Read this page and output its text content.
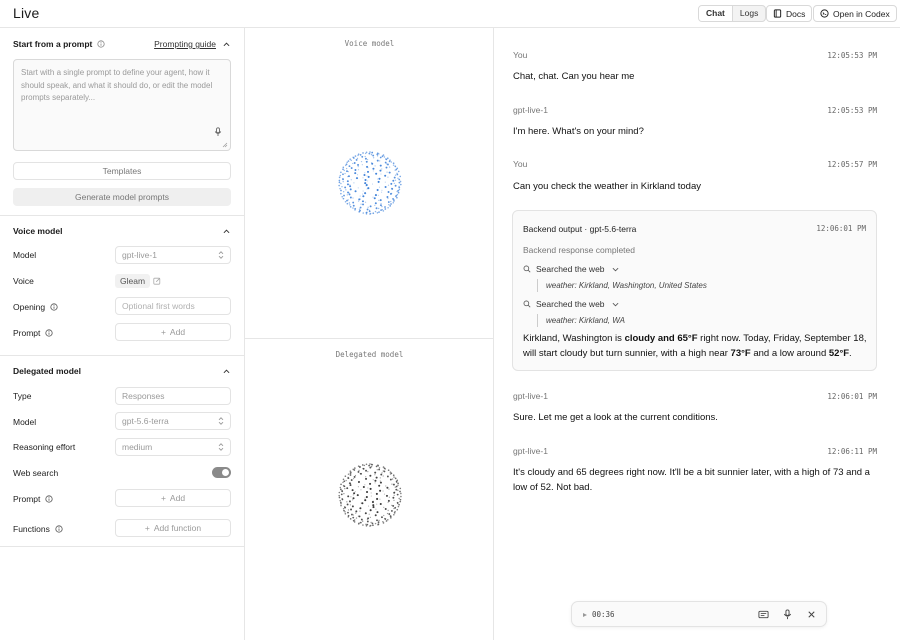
Live	Chat	Logs	Docs	Open in Codex
Start from a prompt	Prompting guide
Start with a single prompt to define your agent, how it should speak, and what it should do, or edit the model prompts separately...
Templates
Generate model prompts
Voice model
Model	gpt-live-1
Voice	Gleam
Opening	Optional first words
Prompt	+ Add
Delegated model
Type	Responses
Model	gpt-5.6-terra
Reasoning effort	medium
Web search
Prompt	+ Add
Functions	+ Add function
Voice model
Delegated model
You	12:05:53 PM
Chat, chat. Can you hear me
gpt-live-1	12:05:53 PM
I'm here. What's on your mind?
You	12:05:57 PM
Can you check the weather in Kirkland today
Backend output · gpt-5.6-terra	12:06:01 PM
Backend response completed
Searched the web
weather: Kirkland, Washington, United States
Searched the web
weather: Kirkland, WA
Kirkland, Washington is cloudy and 65°F right now. Today, Friday, September 18, will start cloudy but turn sunnier, with a high near 73°F and a low around 52°F.
gpt-live-1	12:06:01 PM
Sure. Let me get a look at the current conditions.
gpt-live-1	12:06:11 PM
It's cloudy and 65 degrees right now. It'll be a bit sunnier later, with a high of 73 and a low of 52. Not bad.
00:36
